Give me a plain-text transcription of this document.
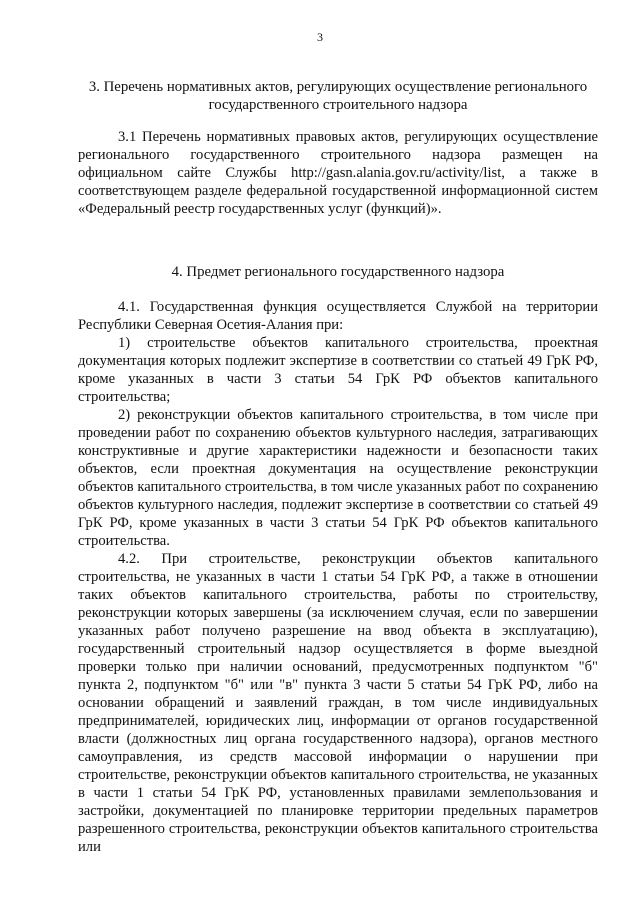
3
3. Перечень нормативных актов, регулирующих осуществление регионального государственного строительного надзора

3.1 Перечень нормативных правовых актов, регулирующих осуществление регионального государственного строительного надзора размещен на официальном сайте Службы http://gasn.alania.gov.ru/activity/list, а также в соответствующем разделе федеральной государственной информационной систем «Федеральный реестр государственных услуг (функций)».

4. Предмет регионального государственного надзора

4.1. Государственная функция осуществляется Службой на территории Республики Северная Осетия-Алания при:

1) строительстве объектов капитального строительства, проектная документация которых подлежит экспертизе в соответствии со статьей 49 ГрК РФ, кроме указанных в части 3 статьи 54 ГрК РФ объектов капитального строительства;

2) реконструкции объектов капитального строительства, в том числе при проведении работ по сохранению объектов культурного наследия, затрагивающих конструктивные и другие характеристики надежности и безопасности таких объектов, если проектная документация на осуществление реконструкции объектов капитального строительства, в том числе указанных работ по сохранению объектов культурного наследия, подлежит экспертизе в соответствии со статьей 49 ГрК РФ, кроме указанных в части 3 статьи 54 ГрК РФ объектов капитального строительства.

4.2. При строительстве, реконструкции объектов капитального строительства, не указанных в части 1 статьи 54 ГрК РФ, а также в отношении таких объектов капитального строительства, работы по строительству, реконструкции которых завершены (за исключением случая, если по завершении указанных работ получено разрешение на ввод объекта в эксплуатацию), государственный строительный надзор осуществляется в форме выездной проверки только при наличии оснований, предусмотренных подпунктом "б" пункта 2, подпунктом "б" или "в" пункта 3 части 5 статьи 54 ГрК РФ, либо на основании обращений и заявлений граждан, в том числе индивидуальных предпринимателей, юридических лиц, информации от органов государственной власти (должностных лиц органа государственного надзора), органов местного самоуправления, из средств массовой информации о нарушении при строительстве, реконструкции объектов капитального строительства, не указанных в части 1 статьи 54 ГрК РФ, установленных правилами землепользования и застройки, документацией по планировке территории предельных параметров разрешенного строительства, реконструкции объектов капитального строительства или
